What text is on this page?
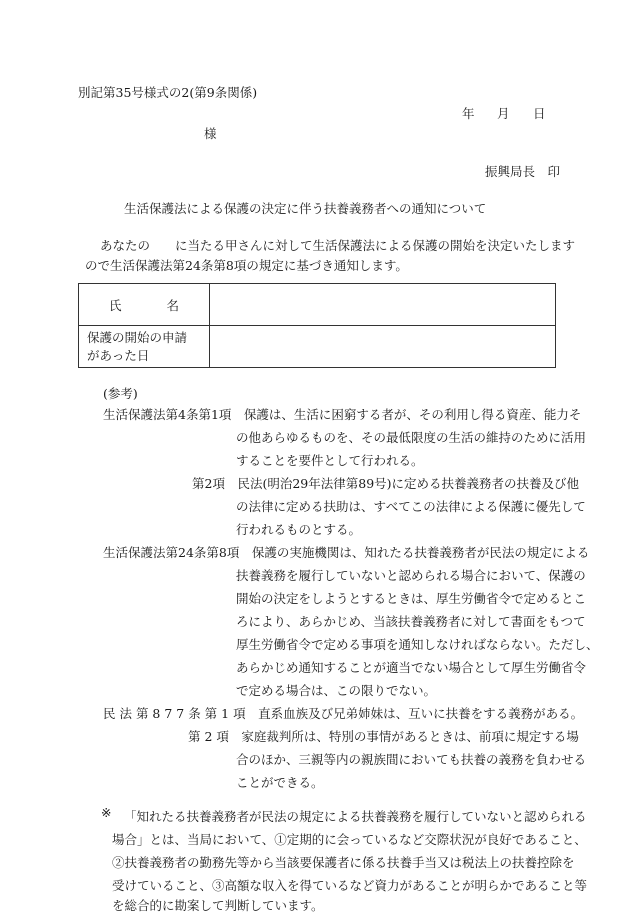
別記第35号様式の2(第9条関係)
年 月 日
様
振興局長　印
生活保護法による保護の決定に伴う扶養義務者への通知について
あなたの　　に当たる甲さんに対して生活保護法による保護の開始を決定いたします
ので生活保護法第24条第8項の規定に基づき通知します。
氏 名	

保護の開始の申請
があった日	

(参考)
生活保護法第4条第1項　保護は、生活に困窮する者が、その利用し得る資産、能力そ
の他あらゆるものを、その最低限度の生活の維持のために活用
することを要件として行われる。
第2項　民法(明治29年法律第89号)に定める扶養義務者の扶養及び他
の法律に定める扶助は、すべてこの法律による保護に優先して
行われるものとする。
生活保護法第24条第8項　保護の実施機関は、知れたる扶養義務者が民法の規定による
扶養義務を履行していないと認められる場合において、保護の
開始の決定をしようとするときは、厚生労働省令で定めるとこ
ろにより、あらかじめ、当該扶養義務者に対して書面をもつて
厚生労働省令で定める事項を通知しなければならない。ただし、
あらかじめ通知することが適当でない場合として厚生労働省令
で定める場合は、この限りでない。
民 法 第 8 7 7 条 第 1 項　直系血族及び兄弟姉妹は、互いに扶養をする義務がある。
第 2 項　家庭裁判所は、特別の事情があるときは、前項に規定する場
合のほか、三親等内の親族間においても扶養の義務を負わせる
ことができる。
※ 「知れたる扶養義務者が民法の規定による扶養義務を履行していないと認められる
場合」とは、当局において、①定期的に会っているなど交際状況が良好であること、
②扶養義務者の勤務先等から当該要保護者に係る扶養手当又は税法上の扶養控除を
受けていること、③高額な収入を得ているなど資力があることが明らかであること等
を総合的に勘案して判断しています。
